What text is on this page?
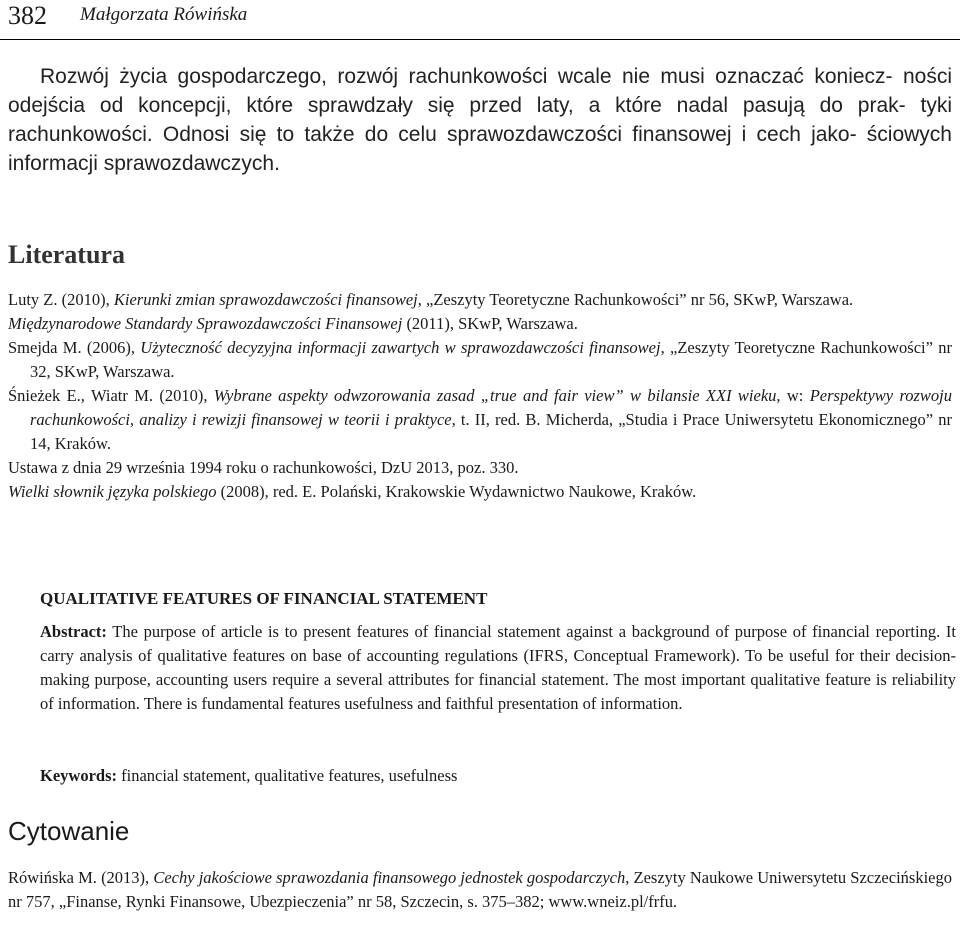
382 Małgorzata Rówińska

Rozwój życia gospodarczego, rozwój rachunkowości wcale nie musi oznaczać koniecz- ności odejścia od koncepcji, które sprawdzały się przed laty, a które nadal pasują do prak- tyki rachunkowości. Odnosi się to także do celu sprawozdawczości finansowej i cech jako- ściowych informacji sprawozdawczych.

Literatura
Luty Z. (2010), Kierunki zmian sprawozdawczości finansowej, „Zeszyty Teoretyczne Rachunkowości” nr 56, SKwP, Warszawa.
Międzynarodowe Standardy Sprawozdawczości Finansowej (2011), SKwP, Warszawa.
Smejda M. (2006), Użyteczność decyzyjna informacji zawartych w sprawozdawczości finansowej, „Zeszyty Teoretyczne Rachunkowości” nr 32, SKwP, Warszawa.
Śnieżek E., Wiatr M. (2010), Wybrane aspekty odwzorowania zasad „true and fair view” w bilansie XXI wieku, w: Perspektywy rozwoju rachunkowości, analizy i rewizji finansowej w teorii i praktyce, t. II, red. B. Micherda, „Studia i Prace Uniwersytetu Ekonomicznego” nr 14, Kraków.
Ustawa z dnia 29 września 1994 roku o rachunkowości, DzU 2013, poz. 330.
Wielki słownik języka polskiego (2008), red. E. Polański, Krakowskie Wydawnictwo Naukowe, Kraków.
QUALITATIVE FEATURES OF FINANCIAL STATEMENT

Abstract: The purpose of article is to present features of financial statement against a background of purpose of financial reporting. It carry analysis of qualitative features on base of accounting regulations (IFRS, Conceptual Framework). To be useful for their decision-making purpose, accounting users require a several attributes for financial statement. The most important qualitative feature is reliability of information. There is fundamental features usefulness and faithful presentation of information.

Keywords: financial statement, qualitative features, usefulness

Cytowanie

Rówińska M. (2013), Cechy jakościowe sprawozdania finansowego jednostek gospodarczych, Zeszyty Naukowe Uniwersytetu Szczecińskiego nr 757, „Finanse, Rynki Finansowe, Ubezpieczenia” nr 58, Szczecin, s. 375–382; www.wneiz.pl/frfu.
